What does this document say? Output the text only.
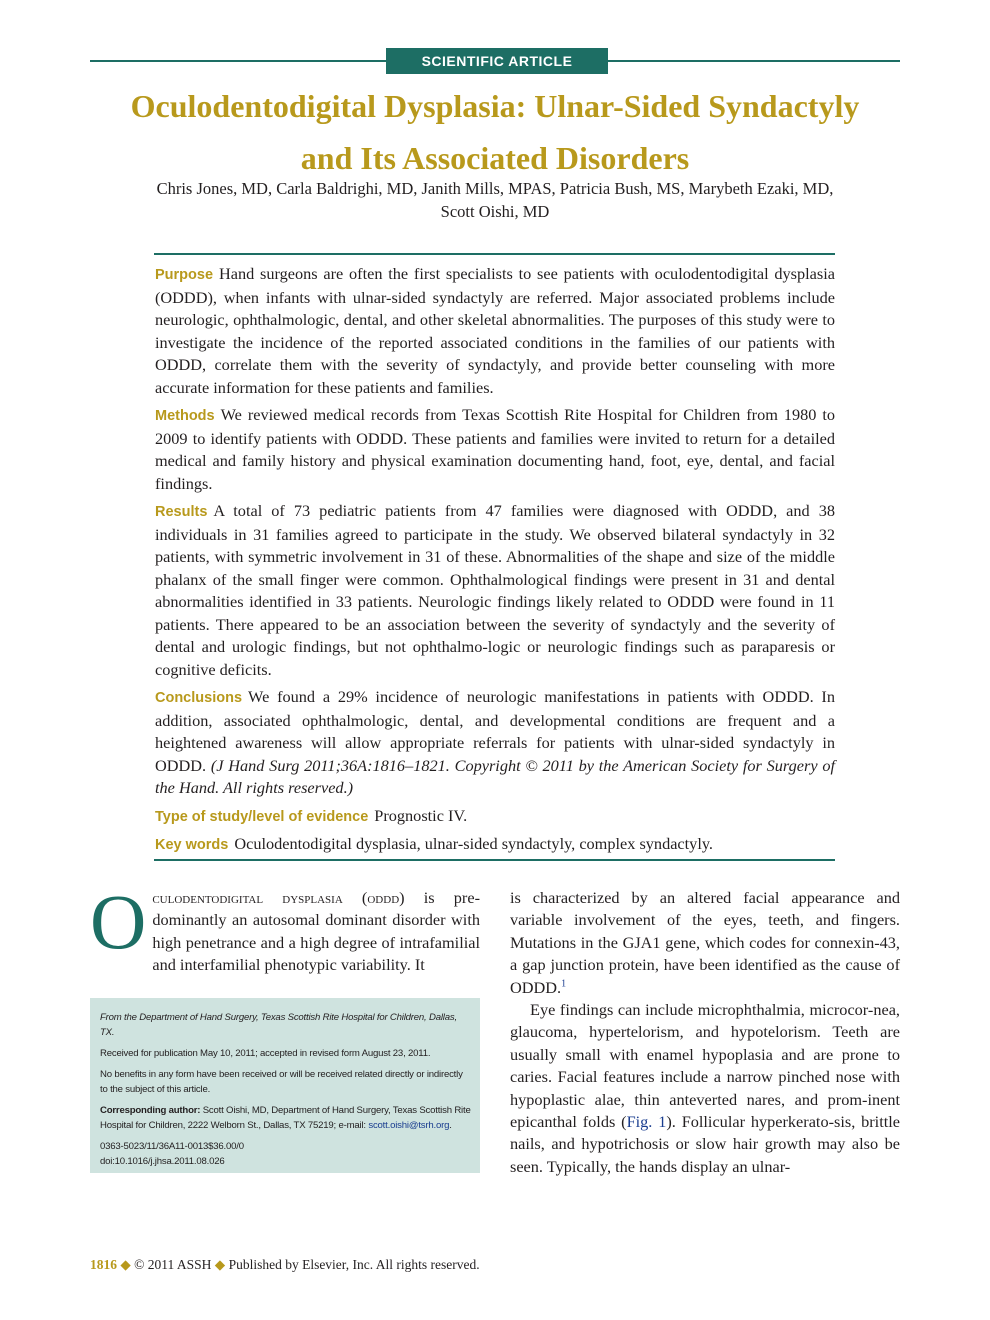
SCIENTIFIC ARTICLE
Oculodentodigital Dysplasia: Ulnar-Sided Syndactyly
and Its Associated Disorders
Chris Jones, MD, Carla Baldrighi, MD, Janith Mills, MPAS, Patricia Bush, MS, Marybeth Ezaki, MD,
Scott Oishi, MD

Purpose Hand surgeons are often the first specialists to see patients with oculodentodigital dysplasia (ODDD), when infants with ulnar-sided syndactyly are referred. Major associated problems include neurologic, ophthalmologic, dental, and other skeletal abnormalities. The purposes of this study were to investigate the incidence of the reported associated conditions in the families of our patients with ODDD, correlate them with the severity of syndactyly, and provide better counseling with more accurate information for these patients and families.

Methods We reviewed medical records from Texas Scottish Rite Hospital for Children from 1980 to 2009 to identify patients with ODDD. These patients and families were invited to return for a detailed medical and family history and physical examination documenting hand, foot, eye, dental, and facial findings.

Results A total of 73 pediatric patients from 47 families were diagnosed with ODDD, and 38 individuals in 31 families agreed to participate in the study. We observed bilateral syndactyly in 32 patients, with symmetric involvement in 31 of these. Abnormalities of the shape and size of the middle phalanx of the small finger were common. Ophthalmological findings were present in 31 and dental abnormalities identified in 33 patients. Neurologic findings likely related to ODDD were found in 11 patients. There appeared to be an association between the severity of syndactyly and the severity of dental and urologic findings, but not ophthalmo-logic or neurologic findings such as paraparesis or cognitive deficits.

Conclusions We found a 29% incidence of neurologic manifestations in patients with ODDD. In addition, associated ophthalmologic, dental, and developmental conditions are frequent and a heightened awareness will allow appropriate referrals for patients with ulnar-sided syndactyly in ODDD. (J Hand Surg 2011;36A:1816–1821. Copyright © 2011 by the American Society for Surgery of the Hand. All rights reserved.)

Type of study/level of evidence Prognostic IV.

Key words Oculodentodigital dysplasia, ulnar-sided syndactyly, complex syndactyly.

Oculodentodigital dysplasia (oddd) is pre-dominantly an autosomal dominant disorder with high penetrance and a high degree of intrafamilial and interfamilial phenotypic variability. It

From the Department of Hand Surgery, Texas Scottish Rite Hospital for Children, Dallas, TX.

Received for publication May 10, 2011; accepted in revised form August 23, 2011.

No benefits in any form have been received or will be received related directly or indirectly to the subject of this article.

Corresponding author: Scott Oishi, MD, Department of Hand Surgery, Texas Scottish Rite Hospital for Children, 2222 Welborn St., Dallas, TX 75219; e-mail: scott.oishi@tsrh.org.

0363-5023/11/36A11-0013$36.00/0
doi:10.1016/j.jhsa.2011.08.026

is characterized by an altered facial appearance and variable involvement of the eyes, teeth, and fingers. Mutations in the GJA1 gene, which codes for connexin-43, a gap junction protein, have been identified as the cause of ODDD.$^1$

Eye findings can include microphthalmia, microcor-nea, glaucoma, hypertelorism, and hypotelorism. Teeth are usually small with enamel hypoplasia and are prone to caries. Facial features include a narrow pinched nose with hypoplastic alae, thin anteverted nares, and prom-inent epicanthal folds (Fig. 1). Follicular hyperkerato-sis, brittle nails, and hypotrichosis or slow hair growth may also be seen. Typically, the hands display an ulnar-

1816 ◆ © 2011 ASSH ◆ Published by Elsevier, Inc. All rights reserved.
